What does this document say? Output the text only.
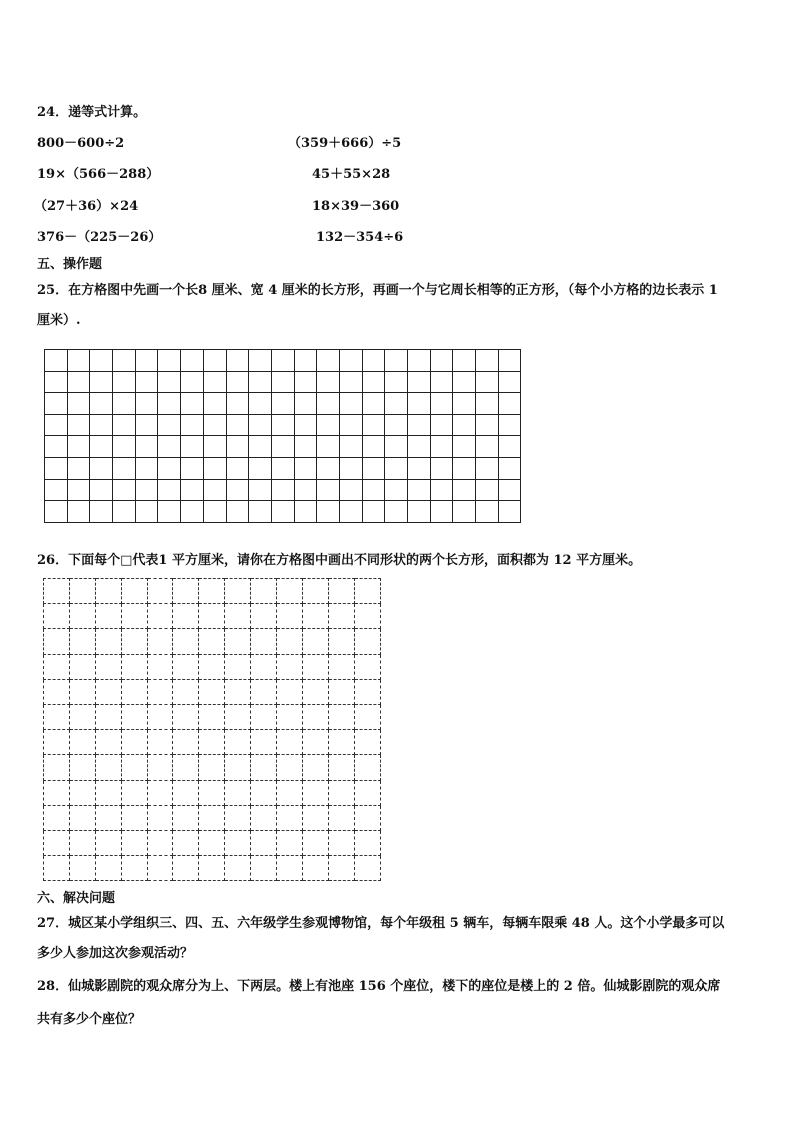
24．递等式计算。
800－600÷2	（359＋666）÷5
19×（566－288）	45＋55×28
（27＋36）×24	18×39－360
376－（225－26）	132－354÷6
五、操作题
25．在方格图中先画一个长8 厘米、宽 4 厘米的长方形，再画一个与它周长相等的正方形，（每个小方格的边长表示 1
厘米）.

26．下面每个□代表1 平方厘米，请你在方格图中画出不同形状的两个长方形，面积都为 12 平方厘米。

六、解决问题
27．城区某小学组织三、四、五、六年级学生参观博物馆，每个年级租 5 辆车，每辆车限乘 48 人。这个小学最多可以
多少人参加这次参观活动？
28．仙城影剧院的观众席分为上、下两层。楼上有池座 156 个座位，楼下的座位是楼上的 2 倍。仙城影剧院的观众席
共有多少个座位？
